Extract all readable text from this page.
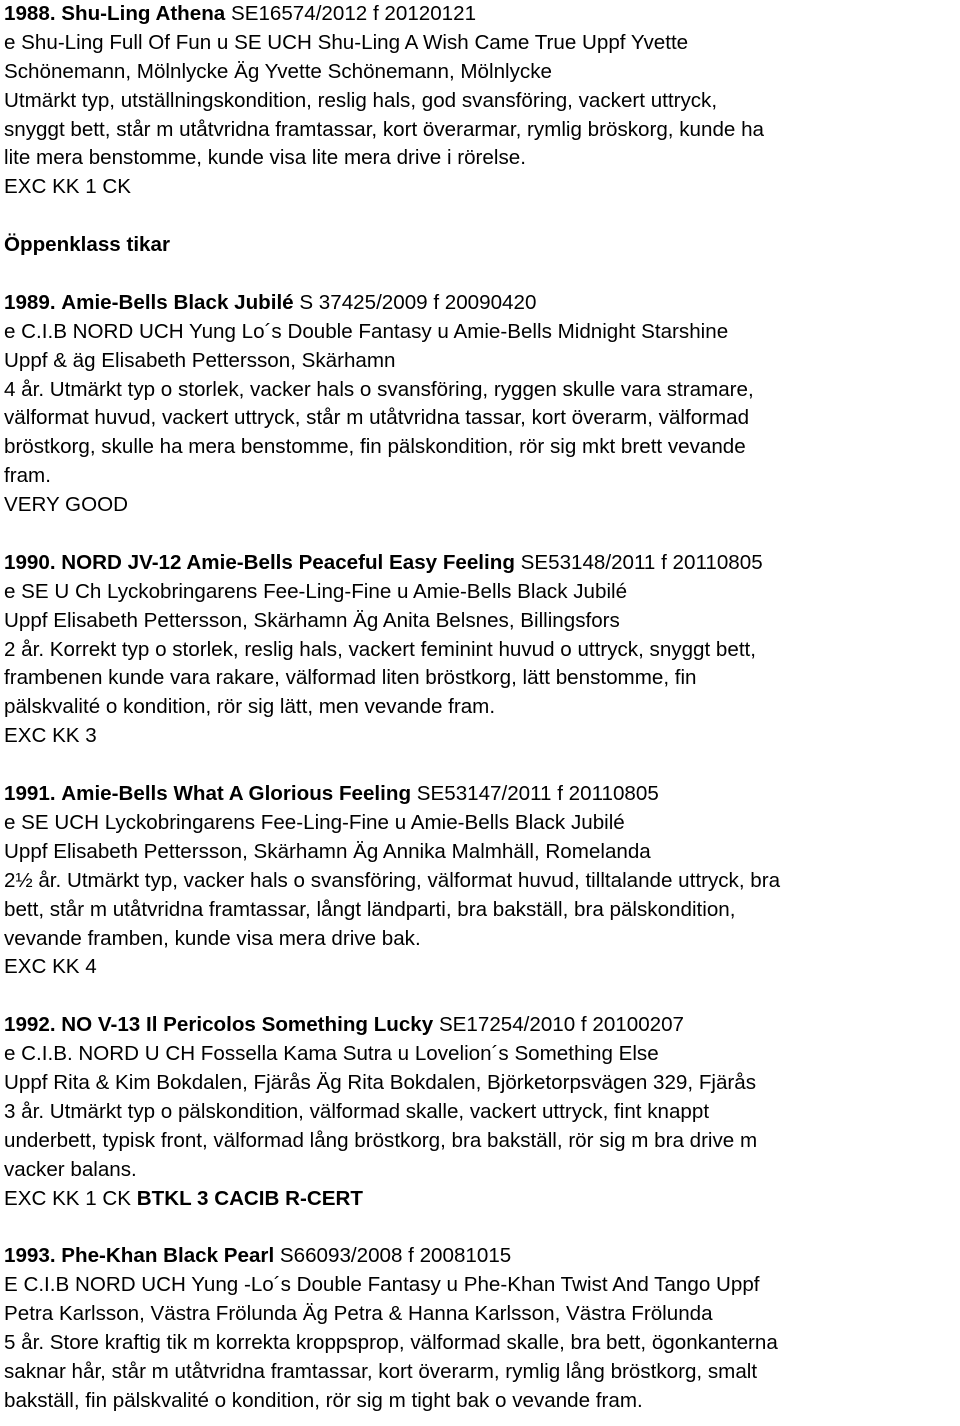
1988. Shu-Ling Athena SE16574/2012 f 20120121
e Shu-Ling Full Of Fun u SE UCH Shu-Ling A Wish Came True Uppf Yvette
Schönemann, Mölnlycke Äg Yvette Schönemann, Mölnlycke
Utmärkt typ, utställningskondition, reslig hals, god svansföring, vackert uttryck,
snyggt bett, står m utåtvridna framtassar, kort överarmar, rymlig bröskorg, kunde ha
lite mera benstomme, kunde visa lite mera drive i rörelse.
EXC KK 1 CK
Öppenklass tikar
1989. Amie-Bells Black Jubilé S 37425/2009 f 20090420
e C.I.B NORD UCH Yung Lo´s Double Fantasy u Amie-Bells Midnight Starshine
Uppf & äg Elisabeth Pettersson, Skärhamn
4 år. Utmärkt typ o storlek, vacker hals o svansföring, ryggen skulle vara stramare,
välformat huvud, vackert uttryck, står m utåtvridna tassar, kort överarm, välformad
bröstkorg, skulle ha mera benstomme, fin pälskondition, rör sig mkt brett vevande
fram.
VERY GOOD
1990. NORD JV-12 Amie-Bells Peaceful Easy Feeling SE53148/2011 f 20110805
e SE U Ch Lyckobringarens Fee-Ling-Fine u Amie-Bells Black Jubilé
Uppf Elisabeth Pettersson, Skärhamn Äg Anita Belsnes, Billingsfors
2 år. Korrekt typ o storlek, reslig hals, vackert feminint huvud o uttryck, snyggt bett,
frambenen kunde vara rakare, välformad liten bröstkorg, lätt benstomme, fin
pälskvalité o kondition, rör sig lätt, men vevande fram.
EXC KK 3
1991. Amie-Bells What A Glorious Feeling SE53147/2011 f 20110805
e SE UCH Lyckobringarens Fee-Ling-Fine u Amie-Bells Black Jubilé
Uppf Elisabeth Pettersson, Skärhamn Äg Annika Malmhäll, Romelanda
2½ år. Utmärkt typ, vacker hals o svansföring, välformat huvud, tilltalande uttryck, bra
bett, står m utåtvridna framtassar, långt ländparti, bra bakställ, bra pälskondition,
vevande framben, kunde visa mera drive bak.
EXC KK 4
1992. NO V-13 Il Pericolos Something Lucky SE17254/2010 f 20100207
e C.I.B. NORD U CH Fossella Kama Sutra u Lovelion´s Something Else
Uppf Rita & Kim Bokdalen, Fjärås Äg Rita Bokdalen, Björketorpsvägen 329, Fjärås
3 år. Utmärkt typ o pälskondition, välformad skalle, vackert uttryck, fint knappt
underbett, typisk front, välformad lång bröstkorg, bra bakställ, rör sig m bra drive m
vacker balans.
EXC KK 1 CK BTKL 3 CACIB R-CERT
1993. Phe-Khan Black Pearl S66093/2008 f 20081015
E C.I.B NORD UCH Yung -Lo´s Double Fantasy u Phe-Khan Twist And Tango Uppf
Petra Karlsson, Västra Frölunda Äg Petra & Hanna Karlsson, Västra Frölunda
5 år. Store kraftig tik m korrekta kroppsprop, välformad skalle, bra bett, ögonkanterna
saknar hår, står m utåtvridna framtassar, kort överarm, rymlig lång bröstkorg, smalt
bakställ, fin pälskvalité o kondition, rör sig m tight bak o vevande fram.
